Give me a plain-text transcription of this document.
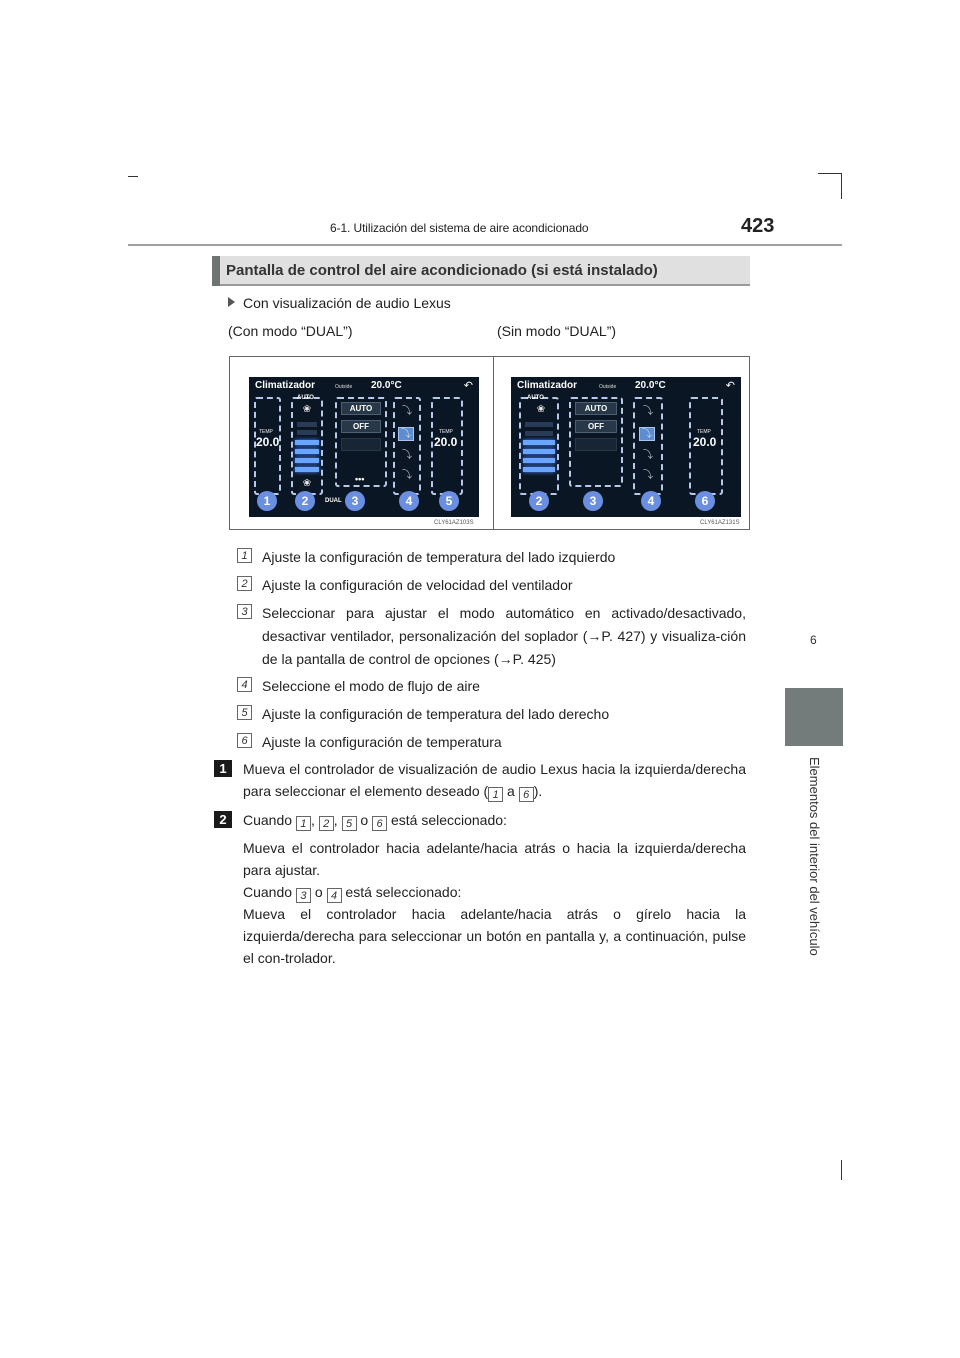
6-1. Utilización del sistema de aire acondicionado	423
6
Elementos del interior del vehículo
Pantalla de control del aire acondicionado (si está instalado)
Con visualización de audio Lexus
(Con modo “DUAL”)	(Sin modo “DUAL”)
Climatizador	Outside 20.0°C	↶
TEMP
20.0
AUTO
❀
❀
AUTO
OFF
•••
⤵
⤵
⤵
⤵
TEMP
20.0
DUAL
1	2	3	4	5
CLY61AZ103S
Climatizador	Outside 20.0°C	↶
AUTO
❀	AUTO
OFF
⤵
⤵
⤵
⤵
TEMP
20.0
2	3	4	6
CLY61AZ131S
1	Ajuste la configuración de temperatura del lado izquierdo
2	Ajuste la configuración de velocidad del ventilador
3	Seleccionar para ajustar el modo automático en activado/desactivado, desactivar ventilador, personalización del soplador (→P. 427) y visualiza-ción de la pantalla de control de opciones (→P. 425)
4	Seleccione el modo de flujo de aire
5	Ajuste la configuración de temperatura del lado derecho
6	Ajuste la configuración de temperatura
1	Mueva el controlador de visualización de audio Lexus hacia la izquierda/derecha para seleccionar el elemento deseado ( 1 a 6 ).
2	Cuando 1 , 2 , 5 o 6 está seleccionado:
Mueva el controlador hacia adelante/hacia atrás o hacia la izquierda/derecha para ajustar.
Cuando 3 o 4 está seleccionado:
Mueva el controlador hacia adelante/hacia atrás o gírelo hacia la izquierda/derecha para seleccionar un botón en pantalla y, a continuación, pulse el con-trolador.
